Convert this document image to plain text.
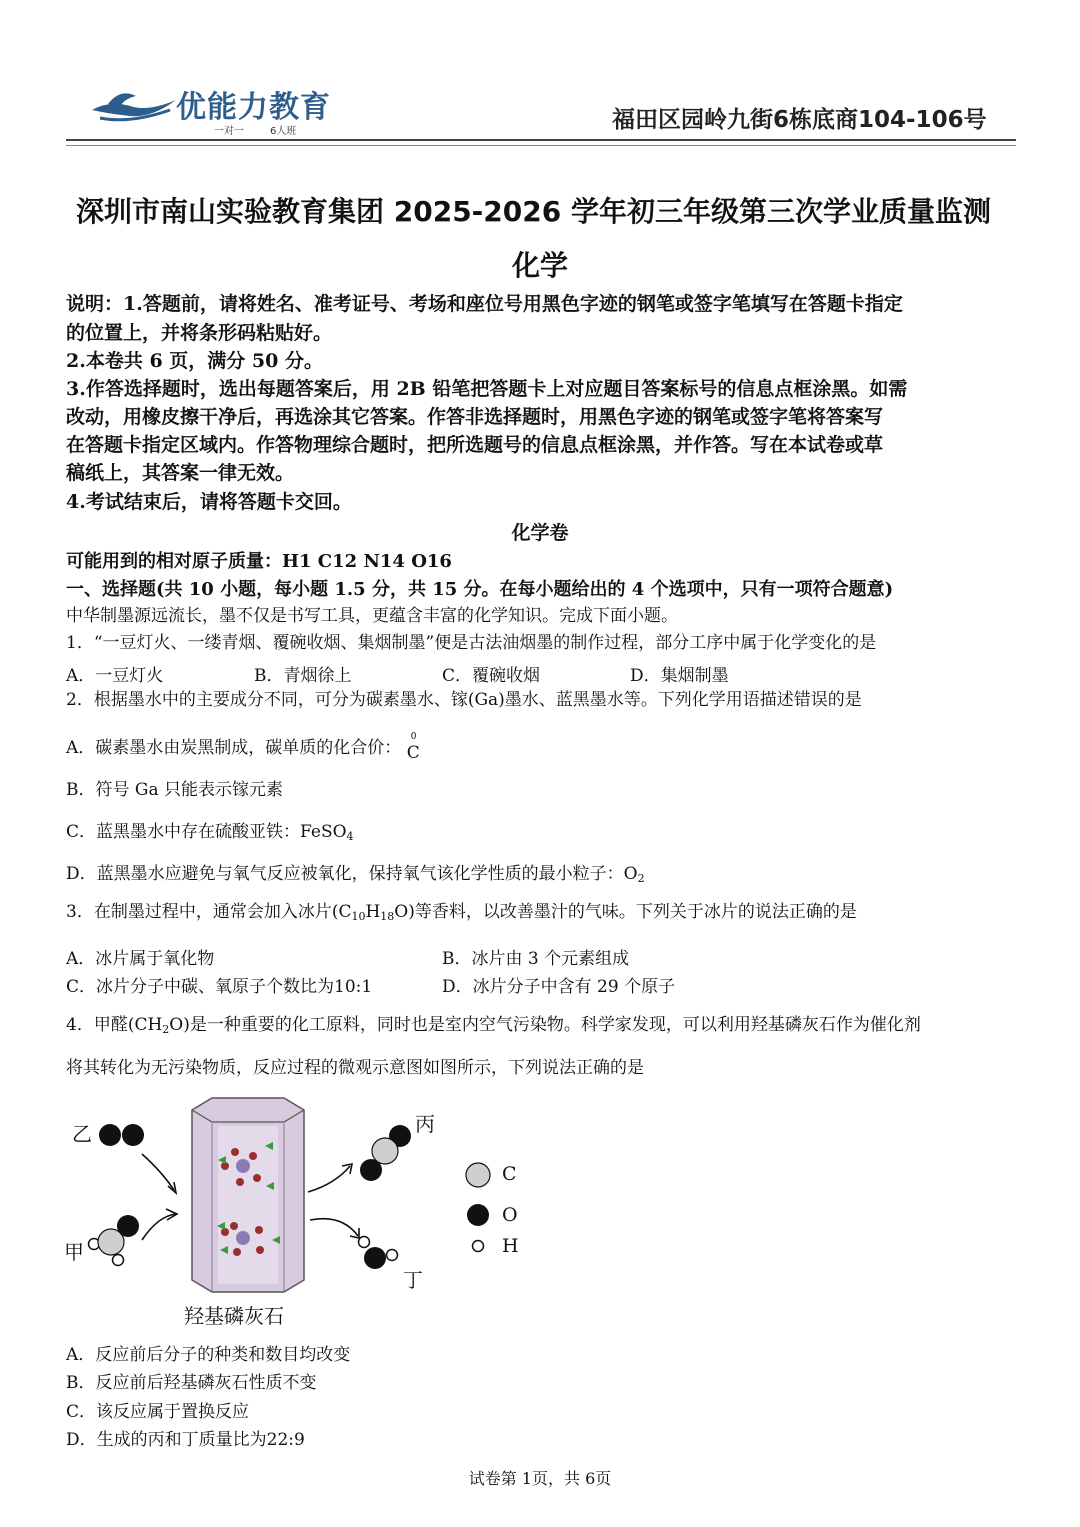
优能力教育
一对一	6人班	福田区园岭九街6栋底商104-106号
深圳市南山实验教育集团 2025-2026 学年初三年级第三次学业质量监测
化学
说明：1.答题前，请将姓名、准考证号、考场和座位号用黑色字迹的钢笔或签字笔填写在答题卡指定
的位置上，并将条形码粘贴好。
2.本卷共 6 页，满分 50 分。
3.作答选择题时，选出每题答案后，用 2B 铅笔把答题卡上对应题目答案标号的信息点框涂黑。如需
改动，用橡皮擦干净后，再选涂其它答案。作答非选择题时，用黑色字迹的钢笔或签字笔将答案写
在答题卡指定区域内。作答物理综合题时，把所选题号的信息点框涂黑，并作答。写在本试卷或草
稿纸上，其答案一律无效。
4.考试结束后，请将答题卡交回。
化学卷
可能用到的相对原子质量：H1 C12 N14 O16
一、选择题(共 10 小题，每小题 1.5 分，共 15 分。在每小题给出的 4 个选项中，只有一项符合题意)
中华制墨源远流长，墨不仅是书写工具，更蕴含丰富的化学知识。完成下面小题。
1．“一豆灯火、一缕青烟、覆碗收烟、集烟制墨”便是古法油烟墨的制作过程，部分工序中属于化学变化的是
A．一豆灯火	B．青烟徐上	C．覆碗收烟	D．集烟制墨
2．根据墨水中的主要成分不同，可分为碳素墨水、镓(Ga)墨水、蓝黑墨水等。下列化学用语描述错误的是
A．碳素墨水由炭黑制成，碳单质的化合价：
0
C
B．符号 Ga 只能表示镓元素
C．蓝黑墨水中存在硫酸亚铁：FeSO$_4$
D．蓝黑墨水应避免与氧气反应被氧化，保持氧气该化学性质的最小粒子：$O_2$
3．在制墨过程中，通常会加入冰片$(C_{10}H_{18}O)$等香料，以改善墨汁的气味。下列关于冰片的说法正确的是
A．冰片属于氧化物	B．冰片由 3 个元素组成
C．冰片分子中碳、氧原子个数比为10:1	D．冰片分子中含有 29 个原子
4．甲醛$(CH_2O)$是一种重要的化工原料，同时也是室内空气污染物。科学家发现，可以利用羟基磷灰石作为催化剂
将其转化为无污染物质，反应过程的微观示意图如图所示，下列说法正确的是
乙
甲
丙
丁
羟基磷灰石
C
O
H
A．反应前后分子的种类和数目均改变
B．反应前后羟基磷灰石性质不变
C．该反应属于置换反应
D．生成的丙和丁质量比为22:9
试卷第 1页，共 6页
